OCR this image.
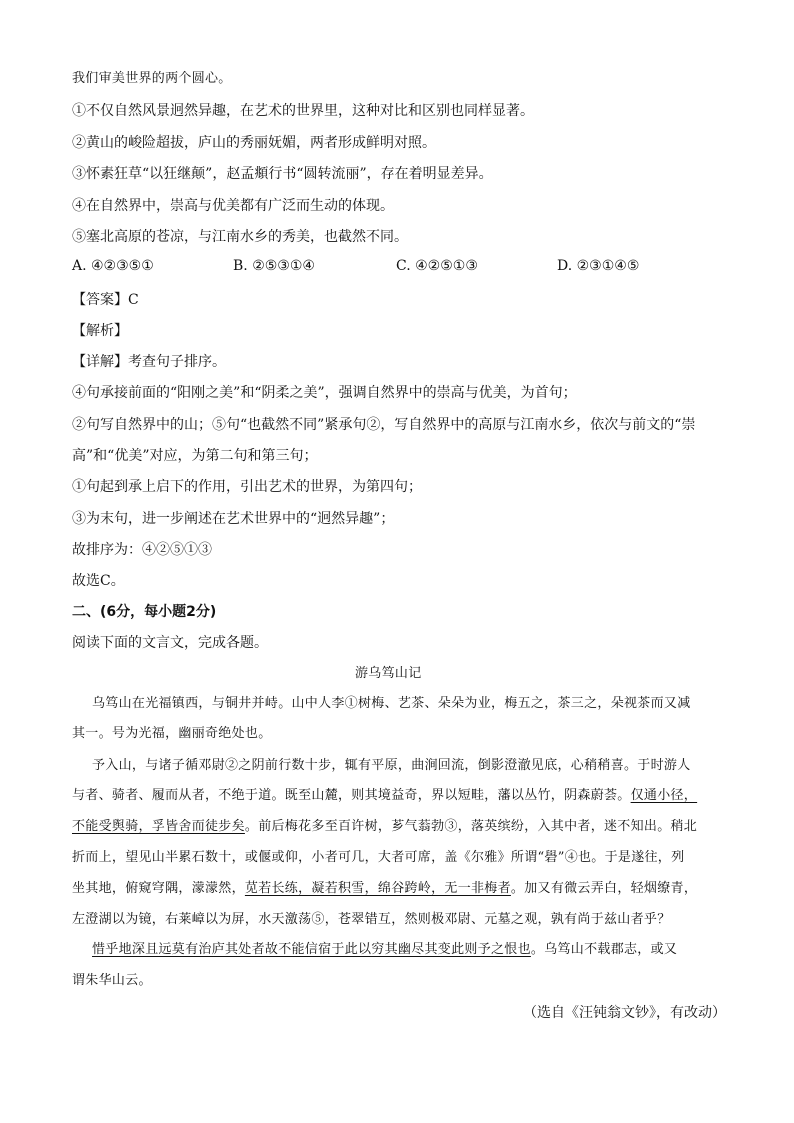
我们审美世界的两个圆心。
①不仅自然风景迥然异趣，在艺术的世界里，这种对比和区别也同样显著。
②黄山的峻险超拔，庐山的秀丽妩媚，两者形成鲜明对照。
③怀素狂草“以狂继颠”，赵孟頫行书“圆转流丽”，存在着明显差异。
④在自然界中，崇高与优美都有广泛而生动的体现。
⑤塞北高原的苍凉，与江南水乡的秀美，也截然不同。
A. ④②③⑤①	B. ②⑤③①④	C. ④②⑤①③	D. ②③①④⑤
【答案】C
【解析】
【详解】考查句子排序。
④句承接前面的“阳刚之美”和“阴柔之美”，强调自然界中的崇高与优美，为首句；
②句写自然界中的山；⑤句“也截然不同”紧承句②，写自然界中的高原与江南水乡，依次与前文的“崇
高”和“优美”对应，为第二句和第三句；
①句起到承上启下的作用，引出艺术的世界，为第四句；
③为末句，进一步阐述在艺术世界中的“迥然异趣”；
故排序为：④②⑤①③
故选C。
二、(6分，每小题2分)
阅读下面的文言文，完成各题。
游乌笃山记
乌笃山在光福镇西，与铜井并峙。山中人李①树梅、艺茶、朵朵为业，梅五之，茶三之，朵视茶而又减
其一。号为光福，幽丽奇绝处也。
予入山，与诸子循邓尉②之阴前行数十步，辄有平原，曲涧回流，倒影澄澈见底，心稍稍喜。于时游人
与者、骑者、履而从者，不绝于道。既至山麓，则其境益奇，界以短畦，藩以丛竹，阴森蔚荟。仅通小径，
不能受舆骑，孚皆舍而徒步矣。前后梅花多至百许树，芗气蓊勃③，落英缤纷，入其中者，迷不知出。稍北
折而上，望见山半累石数十，或偃或仰，小者可几，大者可席，盖《尔雅》所谓“礐”④也。于是遂往，列
坐其地，俯窥穹隅，濛濛然，苋若长练，凝若积雪，绵谷跨岭，无一非梅者。加又有微云弄白，轻烟缭青，
左澄湖以为镜，右莱嶂以为屏，水天激荡⑤，苍翠错互，然则极邓尉、元墓之观，孰有尚于兹山者乎？
惜乎地深且远莫有治庐其处者故不能信宿于此以穷其幽尽其变此则予之恨也。乌笃山不载郡志，或又
谓朱华山云。
（选自《汪钝翁文钞》，有改动）
